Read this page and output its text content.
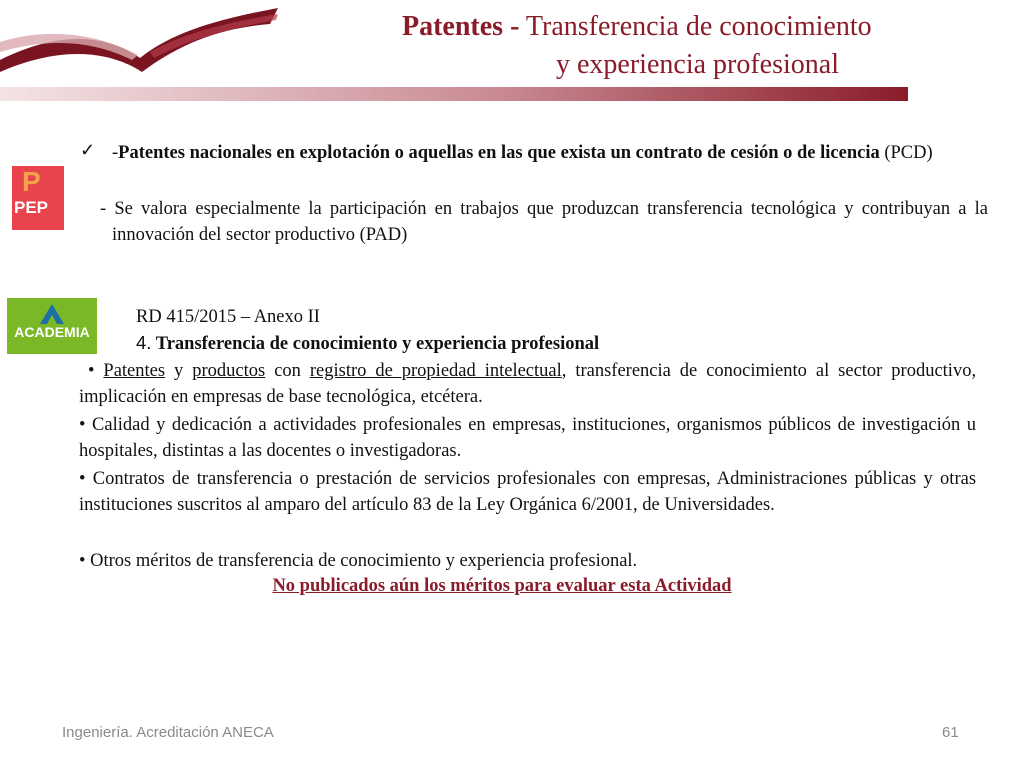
Patentes - Transferencia de conocimiento
y experiencia profesional
P
PEP
✓ -Patentes nacionales en explotación o aquellas en las que exista un contrato de cesión o de licencia (PCD)
- Se valora especialmente la participación en trabajos que produzcan transferencia tecnológica y contribuyan a la innovación del sector productivo (PAD)
ACADEMIA
RD 415/2015 – Anexo II
4. Transferencia de conocimiento y experiencia profesional
• Patentes y productos con registro de propiedad intelectual, transferencia de conocimiento al sector productivo, implicación en empresas de base tecnológica, etcétera.
• Calidad y dedicación a actividades profesionales en empresas, instituciones, organismos públicos de investigación u hospitales, distintas a las docentes o investigadoras.
• Contratos de transferencia o prestación de servicios profesionales con empresas, Administraciones públicas y otras instituciones suscritos al amparo del artículo 83 de la Ley Orgánica 6/2001, de Universidades.
• Otros méritos de transferencia de conocimiento y experiencia profesional.
No publicados aún los méritos para evaluar esta Actividad
Ingeniería. Acreditación ANECA	61
